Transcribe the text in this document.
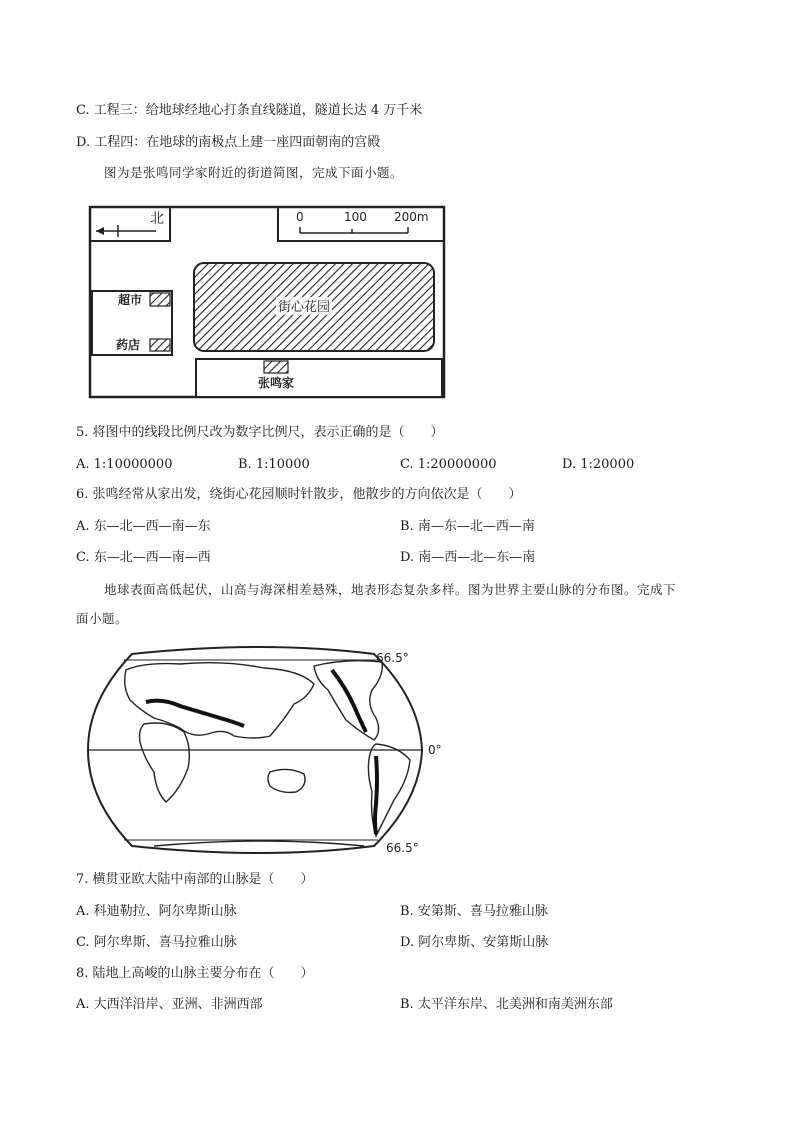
C. 工程三：给地球经地心打条直线隧道，隧道长达 4 万千米
D. 工程四：在地球的南极点上建一座四面朝南的宫殿
图为是张鸣同学家附近的街道简图，完成下面小题。
北	0	100 200m
超市
药店
街心花园
张鸣家
5. 将图中的线段比例尺改为数字比例尺，表示正确的是（　　）
A. 1:10000000	B. 1:10000	C. 1:20000000	D. 1:20000
6. 张鸣经常从家出发，绕街心花园顺时针散步，他散步的方向依次是（　　）
A. 东—北—西—南—东	B. 南—东—北—西—南
C. 东—北—西—南—西	D. 南—西—北—东—南
地球表面高低起伏，山高与海深相差悬殊，地表形态复杂多样。图为世界主要山脉的分布图。完成下
面小题。
66.5°
0°
66.5°
7. 横贯亚欧大陆中南部的山脉是（　　）
A. 科迪勒拉、阿尔卑斯山脉	B. 安第斯、喜马拉雅山脉
C. 阿尔卑斯、喜马拉雅山脉	D. 阿尔卑斯、安第斯山脉
8. 陆地上高峻的山脉主要分布在（　　）
A. 大西洋沿岸、亚洲、非洲西部	B. 太平洋东岸、北美洲和南美洲东部
